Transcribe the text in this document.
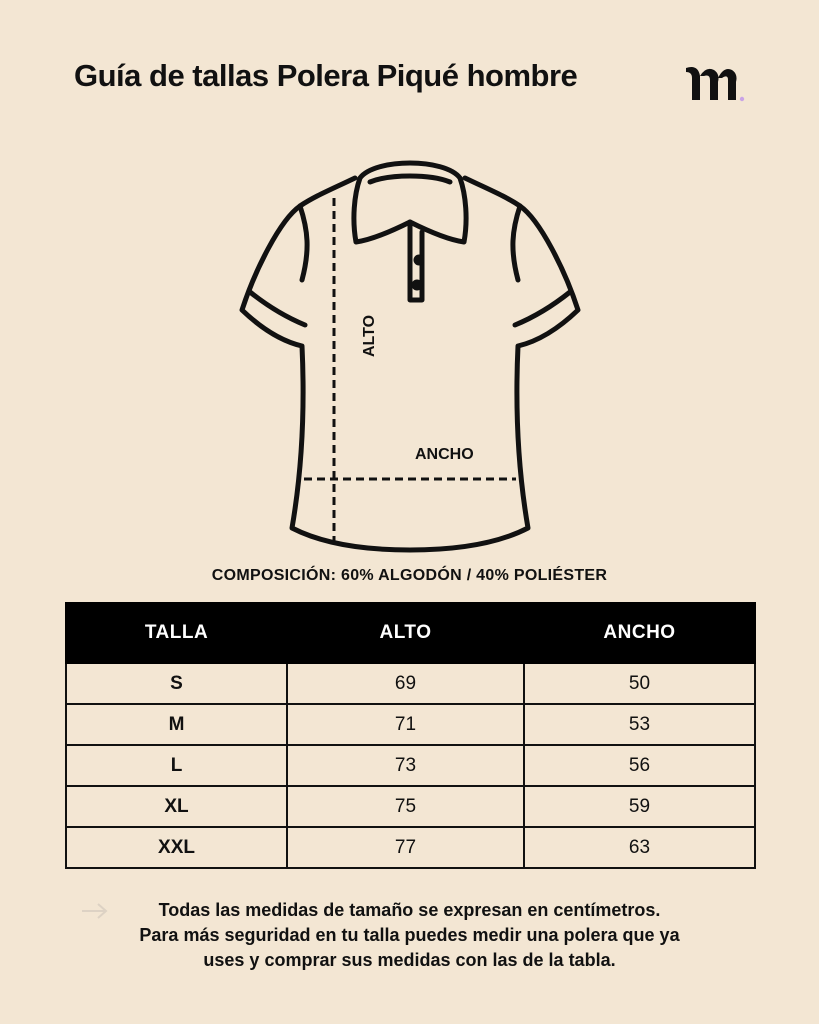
Guía de tallas Polera Piqué hombre
ALTO
ANCHO
COMPOSICIÓN: 60% ALGODÓN / 40% POLIÉSTER
TALLA	ALTO	ANCHO
S	69	50
M	71	53
L	73	56
XL	75	59
XXL	77	63

Todas las medidas de tamaño se expresan en centímetros.

Para más seguridad en tu talla puedes medir una polera que ya

uses y comprar sus medidas con las de la tabla.
